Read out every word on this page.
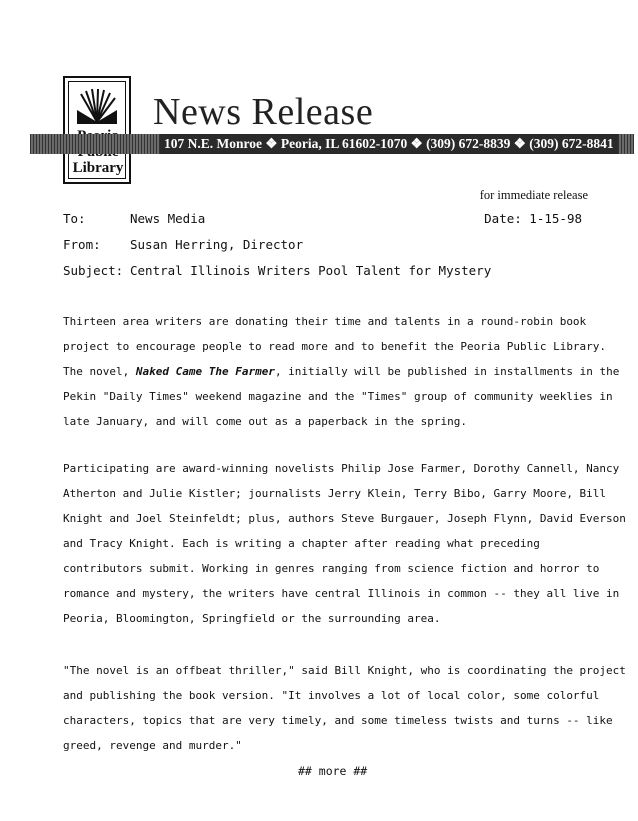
Library
News Release
107 N.E. Monroe ❖ Peoria, IL 61602-1070 ❖ (309) 672-8839 ❖ (309) 672-8841
for immediate release
To:	News Media	Date: 1-15-98
From: Susan Herring, Director
Subject: Central Illinois Writers Pool Talent for Mystery
Thirteen area writers are donating their time and talents in a round-robin book
project to encourage people to read more and to benefit the Peoria Public Library.
The novel, Naked Came The Farmer, initially will be published in installments in the
Pekin "Daily Times" weekend magazine and the "Times" group of community weeklies in
late January, and will come out as a paperback in the spring.
Participating are award-winning novelists Philip Jose Farmer, Dorothy Cannell, Nancy
Atherton and Julie Kistler; journalists Jerry Klein, Terry Bibo, Garry Moore, Bill
Knight and Joel Steinfeldt; plus, authors Steve Burgauer, Joseph Flynn, David Everson
and Tracy Knight. Each is writing a chapter after reading what preceding
contributors submit. Working in genres ranging from science fiction and horror to
romance and mystery, the writers have central Illinois in common -- they all live in
Peoria, Bloomington, Springfield or the surrounding area.
"The novel is an offbeat thriller," said Bill Knight, who is coordinating the project
and publishing the book version. "It involves a lot of local color, some colorful
characters, topics that are very timely, and some timeless twists and turns -- like
greed, revenge and murder."
## more ##
